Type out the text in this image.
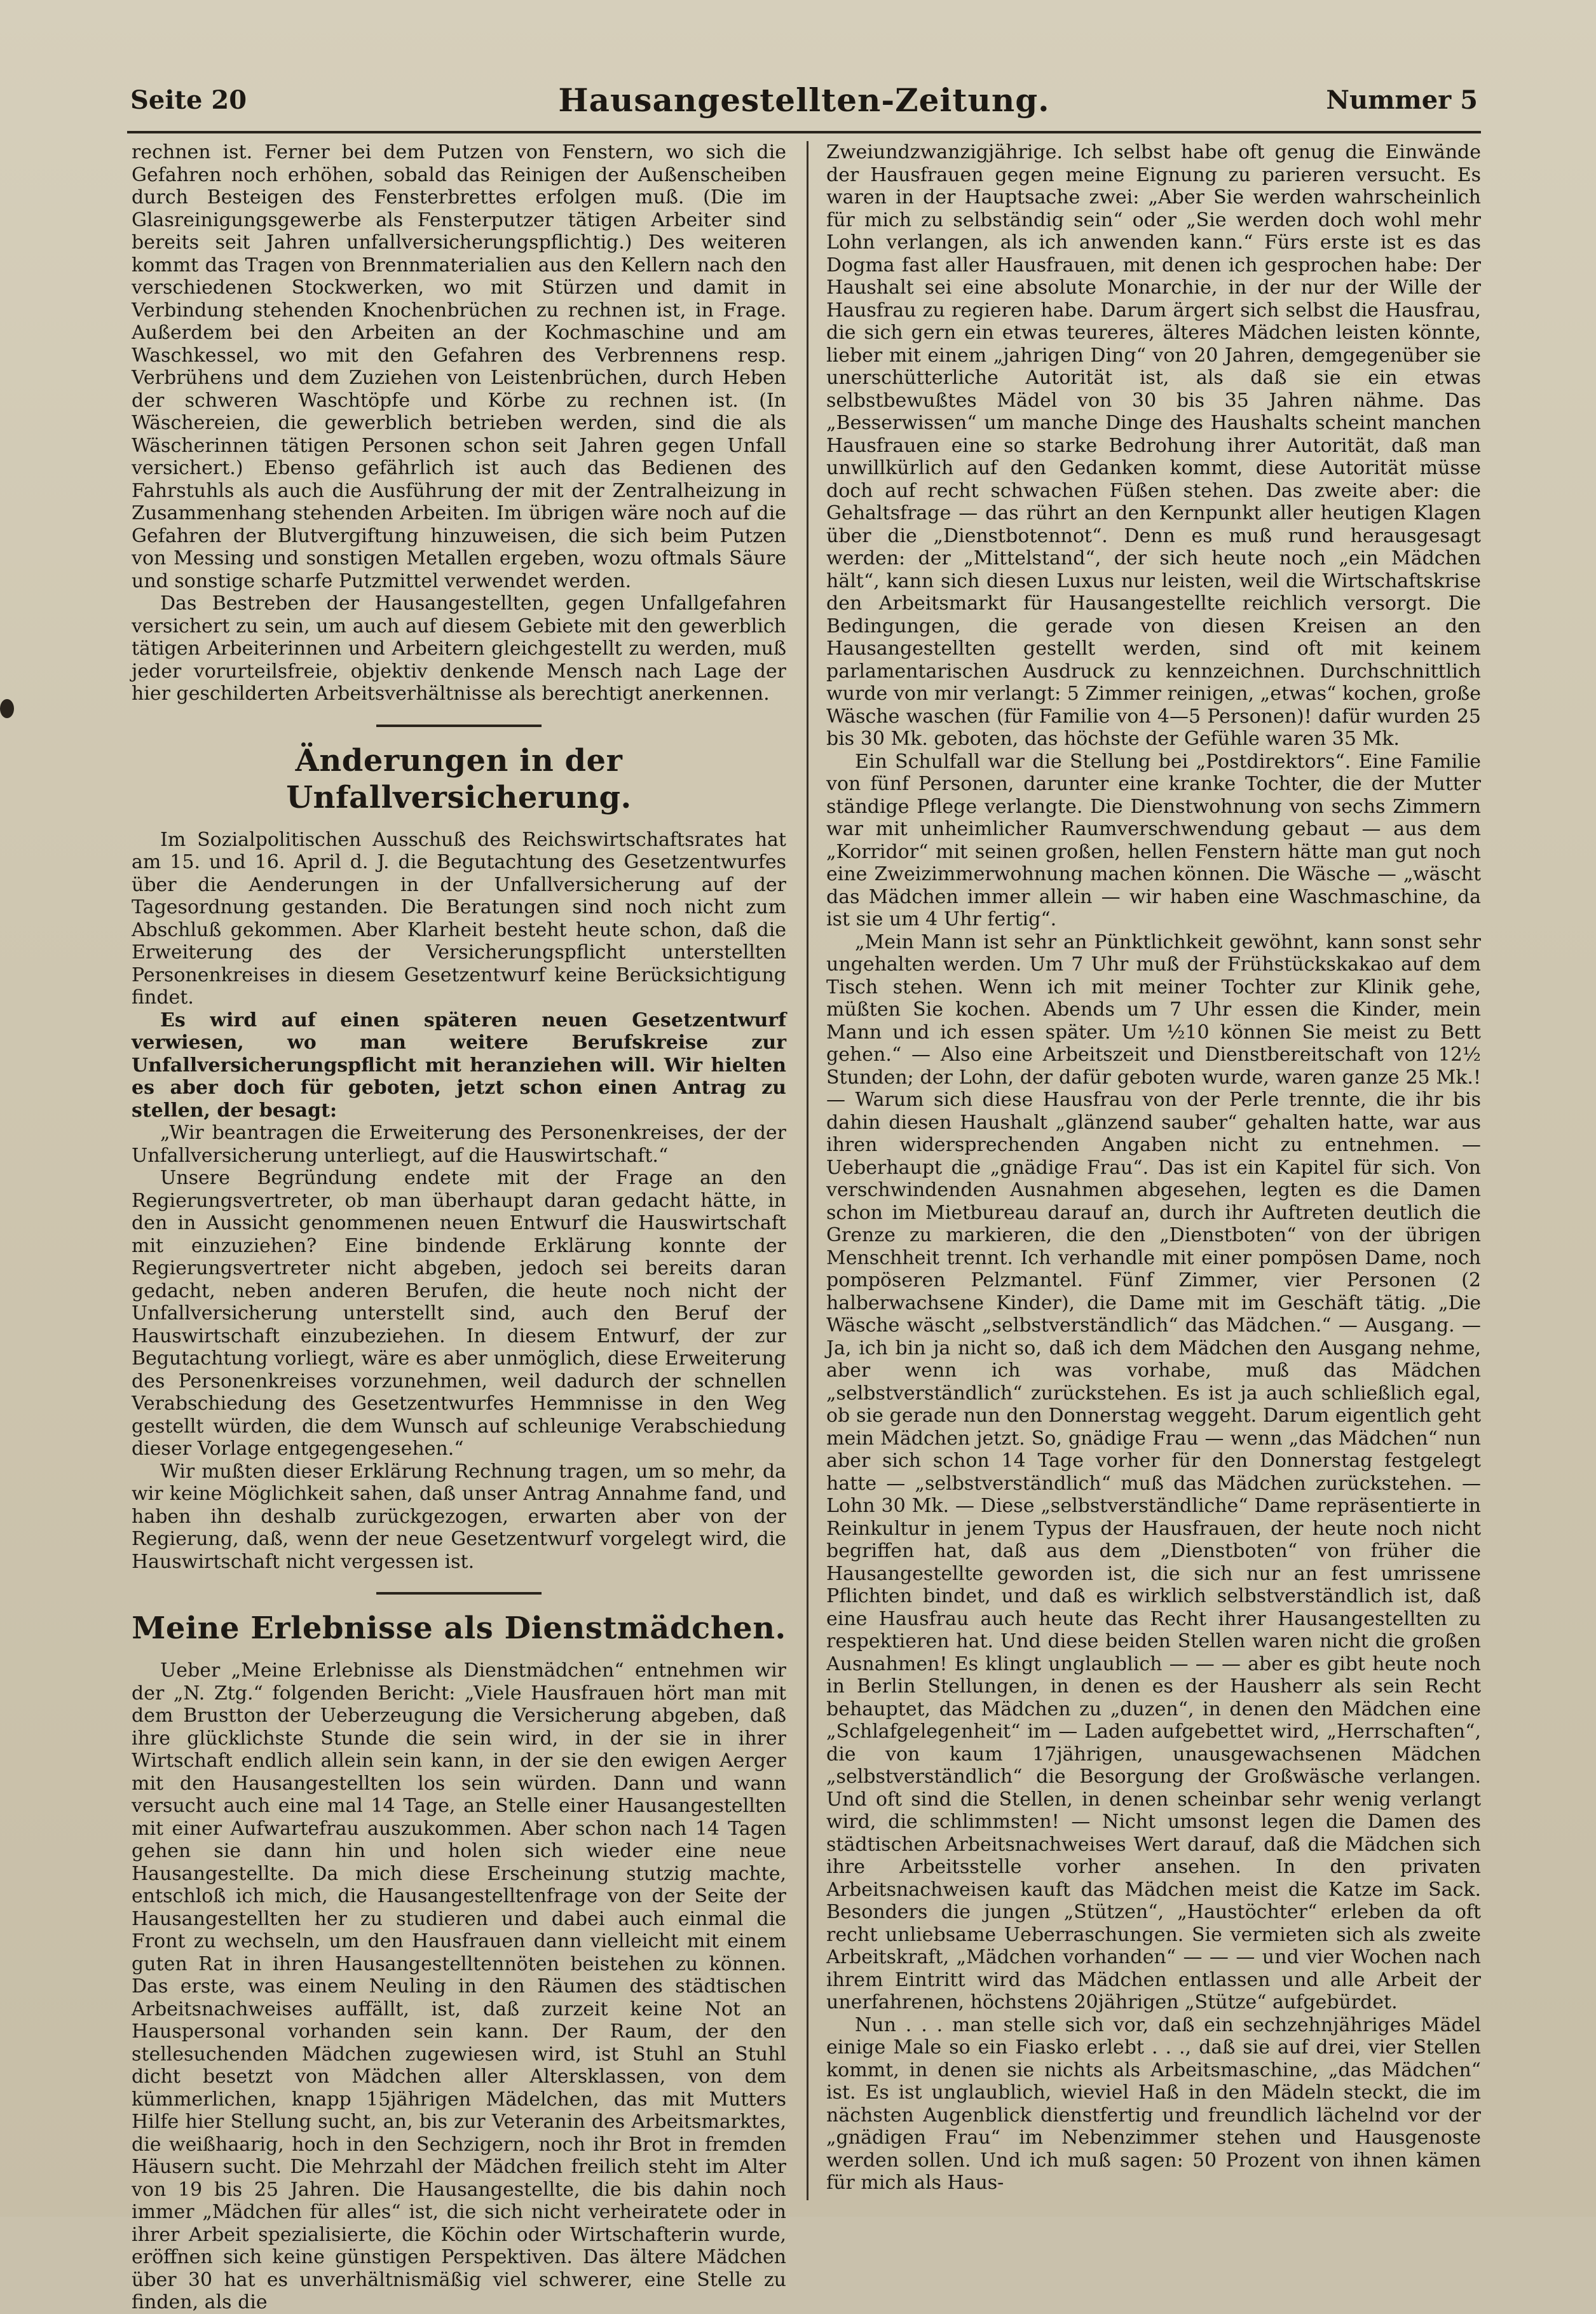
Seite 20	Hausangestellten-Zeitung.	Nummer 5

rechnen ist. Ferner bei dem Putzen von Fenstern, wo sich die Gefahren noch erhöhen, sobald das Reinigen der Außenscheiben durch Besteigen des Fensterbrettes erfolgen muß. (Die im Glasreinigungsgewerbe als Fensterputzer tätigen Arbeiter sind bereits seit Jahren unfallversicherungspflichtig.) Des weiteren kommt das Tragen von Brennmaterialien aus den Kellern nach den verschiedenen Stockwerken, wo mit Stürzen und damit in Verbindung stehenden Knochenbrüchen zu rechnen ist, in Frage. Außerdem bei den Arbeiten an der Kochmaschine und am Waschkessel, wo mit den Gefahren des Verbrennens resp. Verbrühens und dem Zuziehen von Leistenbrüchen, durch Heben der schweren Waschtöpfe und Körbe zu rechnen ist. (In Wäschereien, die gewerblich betrieben werden, sind die als Wäscherinnen tätigen Personen schon seit Jahren gegen Unfall versichert.) Ebenso gefährlich ist auch das Bedienen des Fahrstuhls als auch die Ausführung der mit der Zentralheizung in Zusammenhang stehenden Arbeiten. Im übrigen wäre noch auf die Gefahren der Blutvergiftung hinzuweisen, die sich beim Putzen von Messing und sonstigen Metallen ergeben, wozu oftmals Säure und sonstige scharfe Putzmittel verwendet werden.

Das Bestreben der Hausangestellten, gegen Unfallgefahren versichert zu sein, um auch auf diesem Gebiete mit den gewerblich tätigen Arbeiterinnen und Arbeitern gleichgestellt zu werden, muß jeder vorurteilsfreie, objektiv denkende Mensch nach Lage der hier geschilderten Arbeitsverhältnisse als berechtigt anerkennen.

Änderungen in der Unfallversicherung.

Im Sozialpolitischen Ausschuß des Reichswirtschaftsrates hat am 15. und 16. April d. J. die Begutachtung des Gesetzentwurfes über die Aenderungen in der Unfallversicherung auf der Tagesordnung gestanden. Die Beratungen sind noch nicht zum Abschluß gekommen. Aber Klarheit besteht heute schon, daß die Erweiterung des der Versicherungspflicht unterstellten Personenkreises in diesem Gesetzentwurf keine Berücksichtigung findet.

Es wird auf einen späteren neuen Gesetzentwurf verwiesen, wo man weitere Berufskreise zur Unfallversicherungspflicht mit heranziehen will. Wir hielten es aber doch für geboten, jetzt schon einen Antrag zu stellen, der besagt:

„Wir beantragen die Erweiterung des Personenkreises, der der Unfallversicherung unterliegt, auf die Hauswirtschaft.“

Unsere Begründung endete mit der Frage an den Regierungsvertreter, ob man überhaupt daran gedacht hätte, in den in Aussicht genommenen neuen Entwurf die Hauswirtschaft mit einzuziehen? Eine bindende Erklärung konnte der Regierungsvertreter nicht abgeben, jedoch sei bereits daran gedacht, neben anderen Berufen, die heute noch nicht der Unfallversicherung unterstellt sind, auch den Beruf der Hauswirtschaft einzubeziehen. In diesem Entwurf, der zur Begutachtung vorliegt, wäre es aber unmöglich, diese Erweiterung des Personenkreises vorzunehmen, weil dadurch der schnellen Verabschiedung des Gesetzentwurfes Hemmnisse in den Weg gestellt würden, die dem Wunsch auf schleunige Verabschiedung dieser Vorlage entgegengesehen.“

Wir mußten dieser Erklärung Rechnung tragen, um so mehr, da wir keine Möglichkeit sahen, daß unser Antrag Annahme fand, und haben ihn deshalb zurückgezogen, erwarten aber von der Regierung, daß, wenn der neue Gesetzentwurf vorgelegt wird, die Hauswirtschaft nicht vergessen ist.

Meine Erlebnisse als Dienstmädchen.

Ueber „Meine Erlebnisse als Dienstmädchen“ entnehmen wir der „N. Ztg.“ folgenden Bericht: „Viele Hausfrauen hört man mit dem Brustton der Ueberzeugung die Versicherung abgeben, daß ihre glücklichste Stunde die sein wird, in der sie in ihrer Wirtschaft endlich allein sein kann, in der sie den ewigen Aerger mit den Hausangestellten los sein würden. Dann und wann versucht auch eine mal 14 Tage, an Stelle einer Hausangestellten mit einer Aufwartefrau auszukommen. Aber schon nach 14 Tagen gehen sie dann hin und holen sich wieder eine neue Hausangestellte. Da mich diese Erscheinung stutzig machte, entschloß ich mich, die Hausangestelltenfrage von der Seite der Hausangestellten her zu studieren und dabei auch einmal die Front zu wechseln, um den Hausfrauen dann vielleicht mit einem guten Rat in ihren Hausangestelltennöten beistehen zu können. Das erste, was einem Neuling in den Räumen des städtischen Arbeitsnachweises auffällt, ist, daß zurzeit keine Not an Hauspersonal vorhanden sein kann. Der Raum, der den stellesuchenden Mädchen zugewiesen wird, ist Stuhl an Stuhl dicht besetzt von Mädchen aller Altersklassen, von dem kümmerlichen, knapp 15jährigen Mädelchen, das mit Mutters Hilfe hier Stellung sucht, an, bis zur Veteranin des Arbeitsmarktes, die weißhaarig, hoch in den Sechzigern, noch ihr Brot in fremden Häusern sucht. Die Mehrzahl der Mädchen freilich steht im Alter von 19 bis 25 Jahren. Die Hausangestellte, die bis dahin noch immer „Mädchen für alles“ ist, die sich nicht verheiratete oder in ihrer Arbeit spezialisierte, die Köchin oder Wirtschafterin wurde, eröffnen sich keine günstigen Perspektiven. Das ältere Mädchen über 30 hat es unverhältnismäßig viel schwerer, eine Stelle zu finden, als die

Zweiundzwanzigjährige. Ich selbst habe oft genug die Einwände der Hausfrauen gegen meine Eignung zu parieren versucht. Es waren in der Hauptsache zwei: „Aber Sie werden wahrscheinlich für mich zu selbständig sein“ oder „Sie werden doch wohl mehr Lohn verlangen, als ich anwenden kann.“ Fürs erste ist es das Dogma fast aller Hausfrauen, mit denen ich gesprochen habe: Der Haushalt sei eine absolute Monarchie, in der nur der Wille der Hausfrau zu regieren habe. Darum ärgert sich selbst die Hausfrau, die sich gern ein etwas teureres, älteres Mädchen leisten könnte, lieber mit einem „jahrigen Ding“ von 20 Jahren, demgegenüber sie unerschütterliche Autorität ist, als daß sie ein etwas selbstbewußtes Mädel von 30 bis 35 Jahren nähme. Das „Besserwissen“ um manche Dinge des Haushalts scheint manchen Hausfrauen eine so starke Bedrohung ihrer Autorität, daß man unwillkürlich auf den Gedanken kommt, diese Autorität müsse doch auf recht schwachen Füßen stehen. Das zweite aber: die Gehaltsfrage — das rührt an den Kernpunkt aller heutigen Klagen über die „Dienstbotennot“. Denn es muß rund herausgesagt werden: der „Mittelstand“, der sich heute noch „ein Mädchen hält“, kann sich diesen Luxus nur leisten, weil die Wirtschaftskrise den Arbeitsmarkt für Hausangestellte reichlich versorgt. Die Bedingungen, die gerade von diesen Kreisen an den Hausangestellten gestellt werden, sind oft mit keinem parlamentarischen Ausdruck zu kennzeichnen. Durchschnittlich wurde von mir verlangt: 5 Zimmer reinigen, „etwas“ kochen, große Wäsche waschen (für Familie von 4—5 Personen)! dafür wurden 25 bis 30 Mk. geboten, das höchste der Gefühle waren 35 Mk.

Ein Schulfall war die Stellung bei „Postdirektors“. Eine Familie von fünf Personen, darunter eine kranke Tochter, die der Mutter ständige Pflege verlangte. Die Dienstwohnung von sechs Zimmern war mit unheimlicher Raumverschwendung gebaut — aus dem „Korridor“ mit seinen großen, hellen Fenstern hätte man gut noch eine Zweizimmerwohnung machen können. Die Wäsche — „wäscht das Mädchen immer allein — wir haben eine Waschmaschine, da ist sie um 4 Uhr fertig“.

„Mein Mann ist sehr an Pünktlichkeit gewöhnt, kann sonst sehr ungehalten werden. Um 7 Uhr muß der Frühstückskakao auf dem Tisch stehen. Wenn ich mit meiner Tochter zur Klinik gehe, müßten Sie kochen. Abends um 7 Uhr essen die Kinder, mein Mann und ich essen später. Um ½10 können Sie meist zu Bett gehen.“ — Also eine Arbeitszeit und Dienstbereitschaft von 12½ Stunden; der Lohn, der dafür geboten wurde, waren ganze 25 Mk.! — Warum sich diese Hausfrau von der Perle trennte, die ihr bis dahin diesen Haushalt „glänzend sauber“ gehalten hatte, war aus ihren widersprechenden Angaben nicht zu entnehmen. — Ueberhaupt die „gnädige Frau“. Das ist ein Kapitel für sich. Von verschwindenden Ausnahmen abgesehen, legten es die Damen schon im Mietbureau darauf an, durch ihr Auftreten deutlich die Grenze zu markieren, die den „Dienstboten“ von der übrigen Menschheit trennt. Ich verhandle mit einer pompösen Dame, noch pompöseren Pelzmantel. Fünf Zimmer, vier Personen (2 halberwachsene Kinder), die Dame mit im Geschäft tätig. „Die Wäsche wäscht „selbstverständlich“ das Mädchen.“ — Ausgang. — Ja, ich bin ja nicht so, daß ich dem Mädchen den Ausgang nehme, aber wenn ich was vorhabe, muß das Mädchen „selbstverständlich“ zurückstehen. Es ist ja auch schließlich egal, ob sie gerade nun den Donnerstag weggeht. Darum eigentlich geht mein Mädchen jetzt. So, gnädige Frau — wenn „das Mädchen“ nun aber sich schon 14 Tage vorher für den Donnerstag festgelegt hatte — „selbstverständlich“ muß das Mädchen zurückstehen. — Lohn 30 Mk. — Diese „selbstverständliche“ Dame repräsentierte in Reinkultur in jenem Typus der Hausfrauen, der heute noch nicht begriffen hat, daß aus dem „Dienstboten“ von früher die Hausangestellte geworden ist, die sich nur an fest umrissene Pflichten bindet, und daß es wirklich selbstverständlich ist, daß eine Hausfrau auch heute das Recht ihrer Hausangestellten zu respektieren hat. Und diese beiden Stellen waren nicht die großen Ausnahmen! Es klingt unglaublich — — — aber es gibt heute noch in Berlin Stellungen, in denen es der Hausherr als sein Recht behauptet, das Mädchen zu „duzen“, in denen den Mädchen eine „Schlafgelegenheit“ im — Laden aufgebettet wird, „Herrschaften“, die von kaum 17jährigen, unausgewachsenen Mädchen „selbstverständlich“ die Besorgung der Großwäsche verlangen. Und oft sind die Stellen, in denen scheinbar sehr wenig verlangt wird, die schlimmsten! — Nicht umsonst legen die Damen des städtischen Arbeitsnachweises Wert darauf, daß die Mädchen sich ihre Arbeitsstelle vorher ansehen. In den privaten Arbeitsnachweisen kauft das Mädchen meist die Katze im Sack. Besonders die jungen „Stützen“, „Haustöchter“ erleben da oft recht unliebsame Ueberraschungen. Sie vermieten sich als zweite Arbeitskraft, „Mädchen vorhanden“ — — — und vier Wochen nach ihrem Eintritt wird das Mädchen entlassen und alle Arbeit der unerfahrenen, höchstens 20jährigen „Stütze“ aufgebürdet.

Nun . . . man stelle sich vor, daß ein sechzehnjähriges Mädel einige Male so ein Fiasko erlebt . . ., daß sie auf drei, vier Stellen kommt, in denen sie nichts als Arbeitsmaschine, „das Mädchen“ ist. Es ist unglaublich, wieviel Haß in den Mädeln steckt, die im nächsten Augenblick dienstfertig und freundlich lächelnd vor der „gnädigen Frau“ im Nebenzimmer stehen und Hausgenoste werden sollen. Und ich muß sagen: 50 Prozent von ihnen kämen für mich als Haus-
